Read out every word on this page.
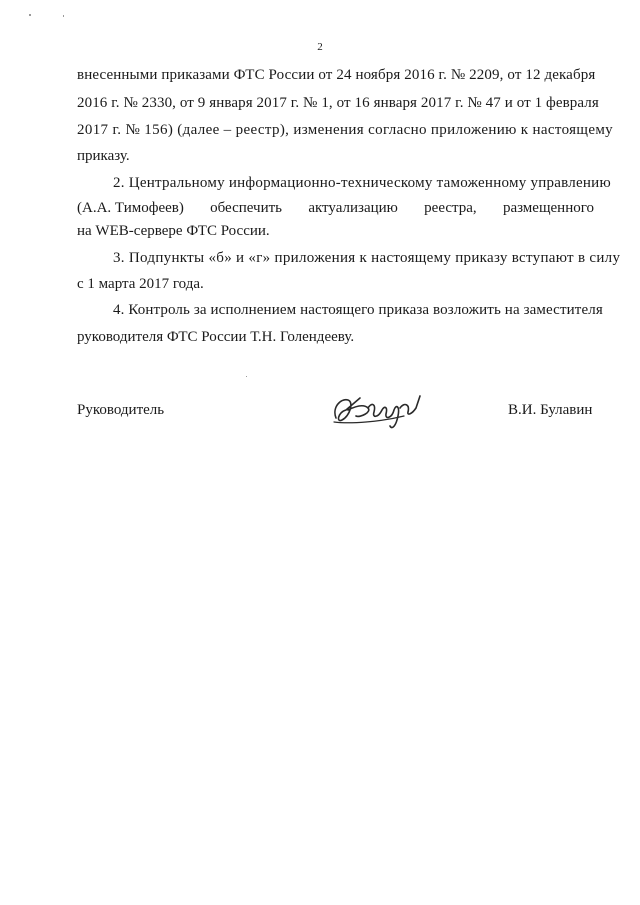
2
внесенными приказами ФТС России от 24 ноября 2016 г. № 2209, от 12 декабря
2016 г. № 2330, от 9 января 2017 г. № 1, от 16 января 2017 г. № 47 и от 1 февраля
2017 г. № 156) (далее – реестр), изменения согласно приложению к настоящему
приказу.
2. Центральному информационно-техническому таможенному управлению
(А.А. Тимофеев) обеспечить актуализацию реестра, размещенного
на WEB-сервере ФТС России.
3. Подпункты «б» и «г» приложения к настоящему приказу вступают в силу
с 1 марта 2017 года.
4. Контроль за исполнением настоящего приказа возложить на заместителя
руководителя ФТС России Т.Н. Голендееву.
Руководитель	В.И. Булавин
